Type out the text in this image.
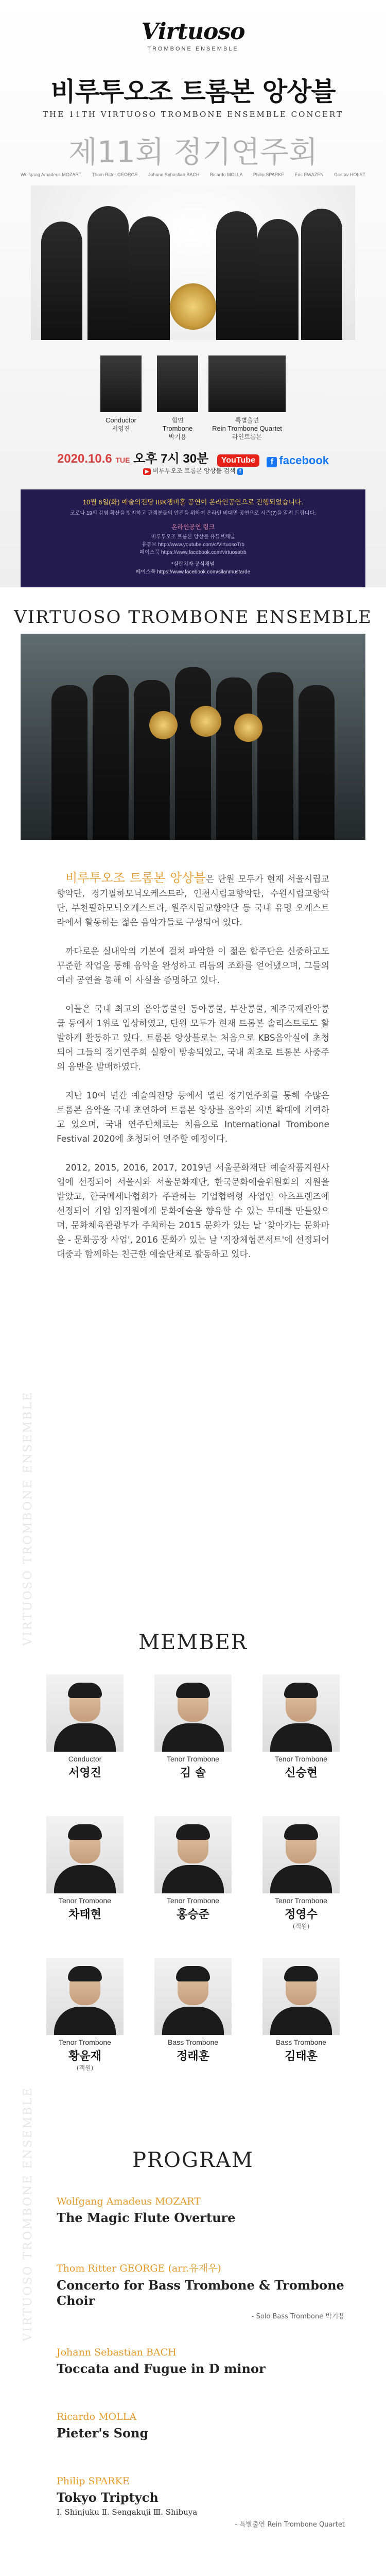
Virtuoso
TROMBONE ENSEMBLE
비루투오조 트롬본 앙상블
THE 11TH VIRTUOSO TROMBONE ENSEMBLE CONCERT
제11회 정기연주회
Wolfgang Amadeus MOZART Thom Ritter GEORGE Johann Sebastian BACH Ricardo MOLLA Philip SPARKE Eric EWAZEN Gustav HOLST
Conductor
서영진
협연
Trombone
박기용
특별출연
Rein Trombone Quartet
라인트롬본
2020.10.6 TUE 오후 7시 30분 YouTube f facebook
▶ 비루투오조 트롬본 앙상블 검색 f
10월 6일(화) 예술의전당 IBK챔버홀 공연이 온라인공연으로 진행되었습니다.
코로나 19의 감염 확산을 방지하고 관객분들의 안전을 위하여 온라인 비대면 공연으로 시즌(?)을 알려 드립니다.
온라인공연 링크
비루투오조 트롬본 앙상블 유튜브채널
유튜브 http://www.youtube.com/c/VirtuosoTrb
페이스북 https://www.facebook.com/virtuosotrb
*실란치자 공식채널
페이스북 https://www.facebook.com/silanmustarde
VIRTUOSO TROMBONE ENSEMBLE
VIRTUOSO TROMBONE ENSEMBLE

비루투오조 트롬본 앙상블은 단원 모두가 현재 서울시립교향악단, 경기필하모닉오케스트라, 인천시립교향악단, 수원시립교향악단, 부천필하모닉오케스트라, 원주시립교향악단 등 국내 유명 오케스트라에서 활동하는 젊은 음악가들로 구성되어 있다.

까다로운 실내악의 기본에 걸쳐 파악한 이 젊은 합주단은 신중하고도 꾸준한 작업을 통해 음악을 완성하고 리듬의 조화를 얻어냈으며, 그들의 여러 공연을 통해 이 사실을 증명하고 있다.

이들은 국내 최고의 음악콩쿨인 동아콩쿨, 부산콩쿨, 제주국제관악콩쿨 등에서 1위로 입상하였고, 단원 모두가 현재 트롬본 솔리스트로도 활발하게 활동하고 있다. 트롬본 앙상블로는 처음으로 KBS음악실에 초청되어 그들의 정기연주회 실황이 방송되었고, 국내 최초로 트롬본 사중주의 음반을 발매하였다.

지난 10여 년간 예술의전당 등에서 열린 정기연주회를 통해 수많은 트롬본 음악을 국내 초연하여 트롬본 앙상블 음악의 저변 확대에 기여하고 있으며, 국내 연주단체로는 처음으로 International Trombone Festival 2020에 초청되어 연주할 예정이다.

2012, 2015, 2016, 2017, 2019년 서울문화재단 예술작품지원사업에 선정되어 서울시와 서울문화재단, 한국문화예술위원회의 지원을 받았고, 한국메세나협회가 주관하는 기업협력형 사업인 아츠프렌즈에 선정되어 기업 임직원에게 문화예술을 향유할 수 있는 무대를 만들었으며, 문화체육관광부가 주최하는 2015 문화가 있는 날 '찾아가는 문화마을 - 문화공장 사업', 2016 문화가 있는 날 '직장체험콘서트'에 선정되어 대중과 함께하는 친근한 예술단체로 활동하고 있다.

MEMBER
Conductor
서영진
Tenor Trombone
김 솔
Tenor Trombone
신승현
Tenor Trombone
차태현
Tenor Trombone
홍승준
Tenor Trombone
정영수
(객원)
Tenor Trombone
황윤재
(객원)
Bass Trombone
정래훈
Bass Trombone
김태훈
VIRTUOSO TROMBONE ENSEMBLE	PROGRAM
Wolfgang Amadeus MOZART
The Magic Flute Overture
Thom Ritter GEORGE (arr.유재우)
Concerto for Bass Trombone & Trombone Choir
- Solo Bass Trombone 박기용
Johann Sebastian BACH
Toccata and Fugue in D minor
Ricardo MOLLA
Pieter's Song
Philip SPARKE
Tokyo Triptych
Ⅰ. Shinjuku Ⅱ. Sengakuji Ⅲ. Shibuya
- 특별출연 Rein Trombone Quartet
